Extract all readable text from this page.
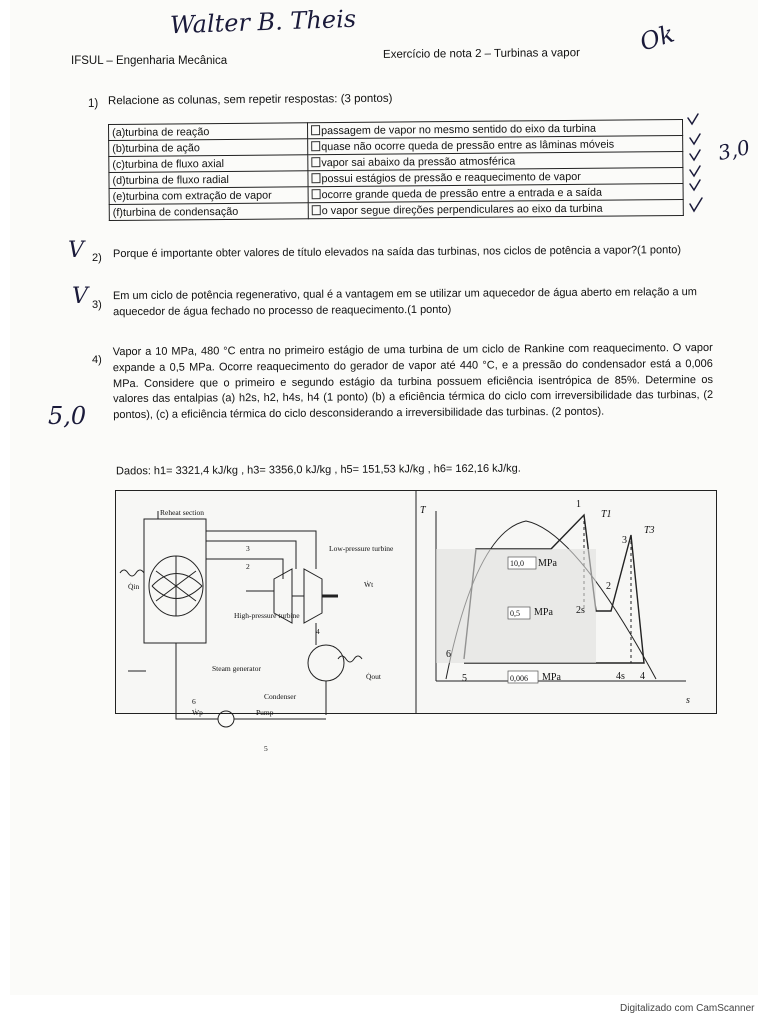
Walter B. Theis	Ok
IFSUL – Engenharia Mecânica
Exercício de nota 2 – Turbinas a vapor
1) Relacione as colunas, sem repetir respostas: (3 pontos)
(a)turbina de reação	passagem de vapor no mesmo sentido do eixo da turbina
(b)turbina de ação	quase não ocorre queda de pressão entre as lâminas móveis
(c)turbina de fluxo axial	vapor sai abaixo da pressão atmosférica
(d)turbina de fluxo radial	possui estágios de pressão e reaquecimento de vapor
(e)turbina com extração de vapor	ocorre grande queda de pressão entre a entrada e a saída
(f)turbina de condensação	o vapor segue direções perpendiculares ao eixo da turbina
3,0
V 2) Porque é importante obter valores de título elevados na saída das turbinas, nos ciclos de potência a vapor?(1 ponto)
V 3)
Em um ciclo de potência regenerativo, qual é a vantagem em se utilizar um aquecedor de água aberto em relação a um aquecedor de água fechado no processo de reaquecimento.(1 ponto)
4)
Vapor a 10 MPa, 480 °C entra no primeiro estágio de uma turbina de um ciclo de Rankine com reaquecimento. O vapor expande a 0,5 MPa. Ocorre reaquecimento do gerador de vapor até 440 °C, e a pressão do condensador está a 0,006 MPa. Considere que o primeiro e segundo estágio da turbina possuem eficiência isentrópica de 85%. Determine os valores das entalpias (a) h2s, h2, h4s, h4 (1 ponto) (b) a eficiência térmica do ciclo com irreversibilidade das turbinas, (2 pontos), (c) a eficiência térmica do ciclo desconsiderando a irreversibilidade das turbinas. (2 pontos).
5,0
Dados: h1= 3321,4 kJ/kg , h3= 3356,0 kJ/kg , h5= 151,53 kJ/kg , h6= 162,16 kJ/kg.
Reheat section
Low-pressure turbine
High-pressure turbine
Steam generator
Condenser
Pump
Q̇in
Q̇out
Ẇt
Ẇp
3
2
4
6
5
T
s
10,0 MPa
0,5 MPa
0,006 MPa
T1
T3
1
2
2s
3
4
4s
5
6
Digitalizado com CamScanner
